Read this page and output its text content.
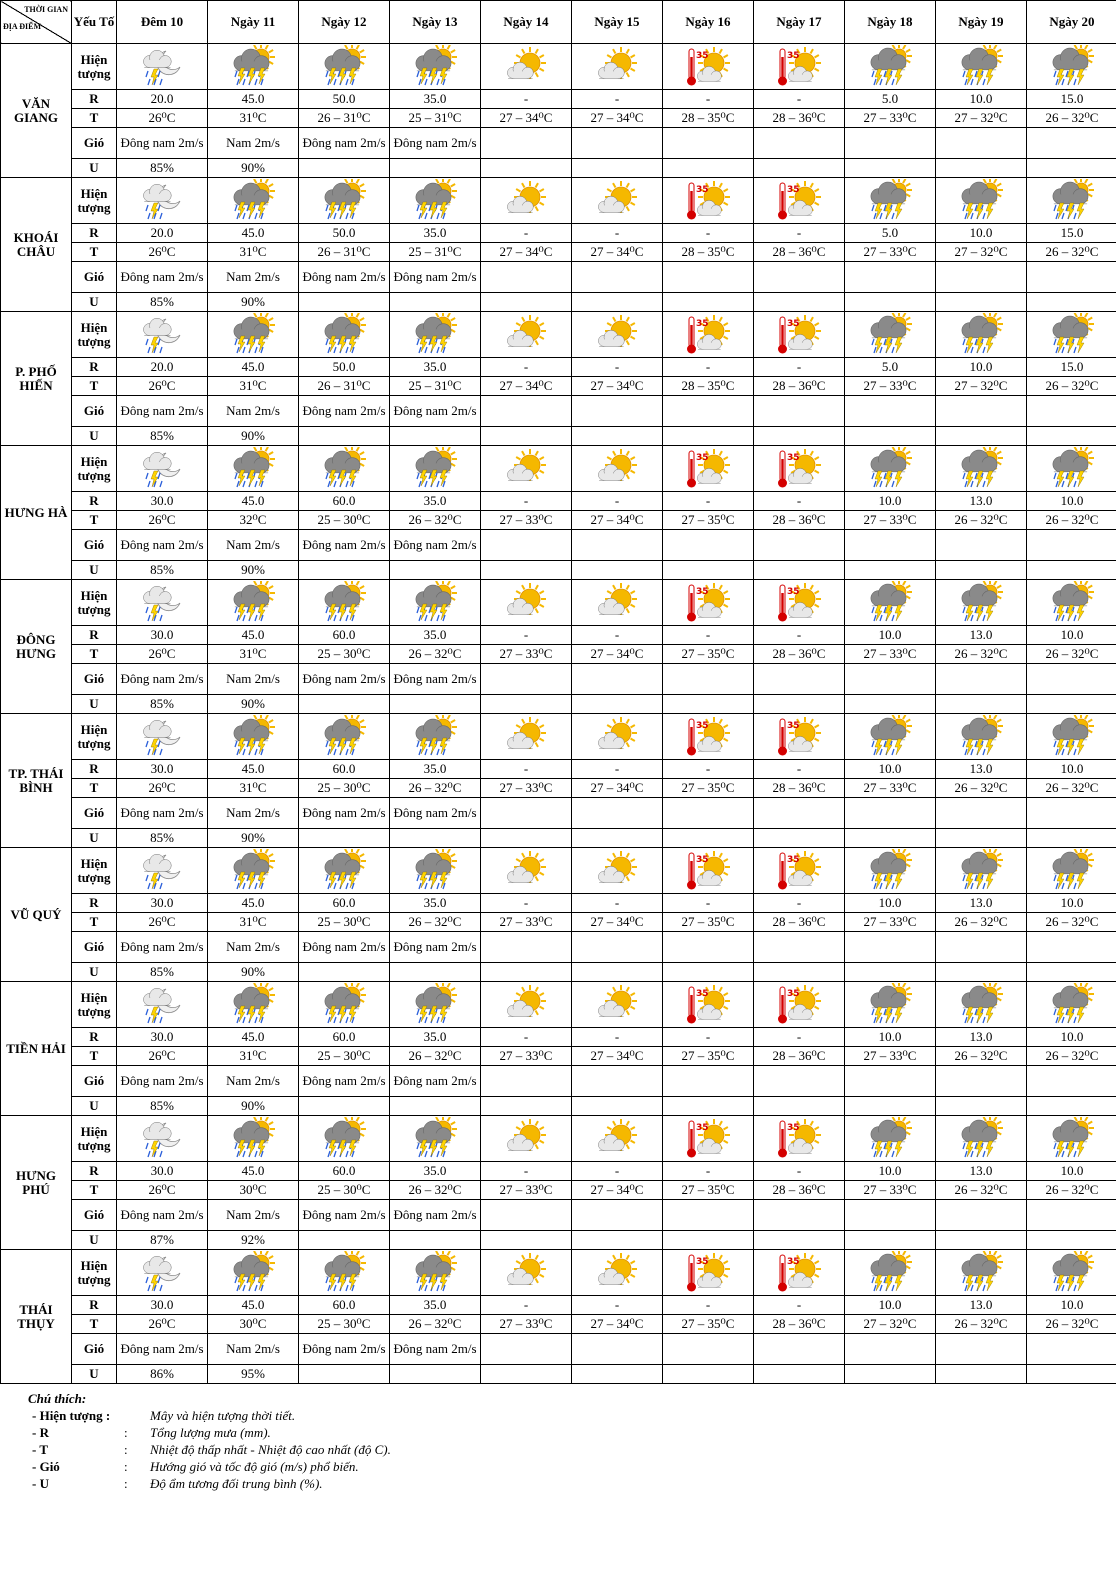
THỜI GIAN
ĐỊA ĐIỂM	Yếu Tố	Đêm 10	Ngày 11	Ngày 12	Ngày 13	Ngày 14	Ngày 15	Ngày 16	Ngày 17	Ngày 18	Ngày 19	Ngày 20
VĂN GIANG	Hiện tượng							35	35

	R	20.0	45.0	50.0	35.0	-	-	-	-	5.0	10.0	15.0
	T	26⁰C	31⁰C	26 – 31⁰C	25 – 31⁰C	27 – 34⁰C	27 – 34⁰C	28 – 35⁰C	28 – 36⁰C	27 – 33⁰C	27 – 32⁰C	26 – 32⁰C
	Gió	Đông nam 2m/s	Nam 2m/s	Đông nam 2m/s	Đông nam 2m/s							
	U	85%	90%									
KHOÁI CHÂU	Hiện tượng							35	35

	R	20.0	45.0	50.0	35.0	-	-	-	-	5.0	10.0	15.0
	T	26⁰C	31⁰C	26 – 31⁰C	25 – 31⁰C	27 – 34⁰C	27 – 34⁰C	28 – 35⁰C	28 – 36⁰C	27 – 33⁰C	27 – 32⁰C	26 – 32⁰C
	Gió	Đông nam 2m/s	Nam 2m/s	Đông nam 2m/s	Đông nam 2m/s							
	U	85%	90%									
P. PHỐ HIẾN	Hiện tượng							35	35

	R	20.0	45.0	50.0	35.0	-	-	-	-	5.0	10.0	15.0
	T	26⁰C	31⁰C	26 – 31⁰C	25 – 31⁰C	27 – 34⁰C	27 – 34⁰C	28 – 35⁰C	28 – 36⁰C	27 – 33⁰C	27 – 32⁰C	26 – 32⁰C
	Gió	Đông nam 2m/s	Nam 2m/s	Đông nam 2m/s	Đông nam 2m/s							
	U	85%	90%									
HƯNG HÀ	Hiện tượng							35	35

	R	30.0	45.0	60.0	35.0	-	-	-	-	10.0	13.0	10.0
	T	26⁰C	32⁰C	25 – 30⁰C	26 – 32⁰C	27 – 33⁰C	27 – 34⁰C	27 – 35⁰C	28 – 36⁰C	27 – 33⁰C	26 – 32⁰C	26 – 32⁰C
	Gió	Đông nam 2m/s	Nam 2m/s	Đông nam 2m/s	Đông nam 2m/s							
	U	85%	90%									
ĐÔNG HƯNG	Hiện tượng							35	35

	R	30.0	45.0	60.0	35.0	-	-	-	-	10.0	13.0	10.0
	T	26⁰C	31⁰C	25 – 30⁰C	26 – 32⁰C	27 – 33⁰C	27 – 34⁰C	27 – 35⁰C	28 – 36⁰C	27 – 33⁰C	26 – 32⁰C	26 – 32⁰C
	Gió	Đông nam 2m/s	Nam 2m/s	Đông nam 2m/s	Đông nam 2m/s							
	U	85%	90%									
TP. THÁI BÌNH	Hiện tượng							35	35

	R	30.0	45.0	60.0	35.0	-	-	-	-	10.0	13.0	10.0
	T	26⁰C	31⁰C	25 – 30⁰C	26 – 32⁰C	27 – 33⁰C	27 – 34⁰C	27 – 35⁰C	28 – 36⁰C	27 – 33⁰C	26 – 32⁰C	26 – 32⁰C
	Gió	Đông nam 2m/s	Nam 2m/s	Đông nam 2m/s	Đông nam 2m/s							
	U	85%	90%									
VŨ QUÝ	Hiện tượng							35	35

	R	30.0	45.0	60.0	35.0	-	-	-	-	10.0	13.0	10.0
	T	26⁰C	31⁰C	25 – 30⁰C	26 – 32⁰C	27 – 33⁰C	27 – 34⁰C	27 – 35⁰C	28 – 36⁰C	27 – 33⁰C	26 – 32⁰C	26 – 32⁰C
	Gió	Đông nam 2m/s	Nam 2m/s	Đông nam 2m/s	Đông nam 2m/s							
	U	85%	90%									
TIỀN HẢI	Hiện tượng							35	35

	R	30.0	45.0	60.0	35.0	-	-	-	-	10.0	13.0	10.0
	T	26⁰C	31⁰C	25 – 30⁰C	26 – 32⁰C	27 – 33⁰C	27 – 34⁰C	27 – 35⁰C	28 – 36⁰C	27 – 33⁰C	26 – 32⁰C	26 – 32⁰C
	Gió	Đông nam 2m/s	Nam 2m/s	Đông nam 2m/s	Đông nam 2m/s							
	U	85%	90%									
HƯNG PHÚ	Hiện tượng							35	35

	R	30.0	45.0	60.0	35.0	-	-	-	-	10.0	13.0	10.0
	T	26⁰C	30⁰C	25 – 30⁰C	26 – 32⁰C	27 – 33⁰C	27 – 34⁰C	27 – 35⁰C	28 – 36⁰C	27 – 33⁰C	26 – 32⁰C	26 – 32⁰C
	Gió	Đông nam 2m/s	Nam 2m/s	Đông nam 2m/s	Đông nam 2m/s							
	U	87%	92%									
THÁI THỤY	Hiện tượng							35	35

	R	30.0	45.0	60.0	35.0	-	-	-	-	10.0	13.0	10.0
	T	26⁰C	30⁰C	25 – 30⁰C	26 – 32⁰C	27 – 33⁰C	27 – 34⁰C	27 – 35⁰C	28 – 36⁰C	27 – 32⁰C	26 – 32⁰C	26 – 32⁰C
	Gió	Đông nam 2m/s	Nam 2m/s	Đông nam 2m/s	Đông nam 2m/s							
	U	86%	95%									
Chú thích:
- Hiện tượng :	Mây và hiện tượng thời tiết.
- R	:	Tổng lượng mưa (mm).
- T	:	Nhiệt độ thấp nhất - Nhiệt độ cao nhất (độ C).
- Gió	:	Hướng gió và tốc độ gió (m/s) phổ biến.
- U	:	Độ ẩm tương đối trung bình (%).
